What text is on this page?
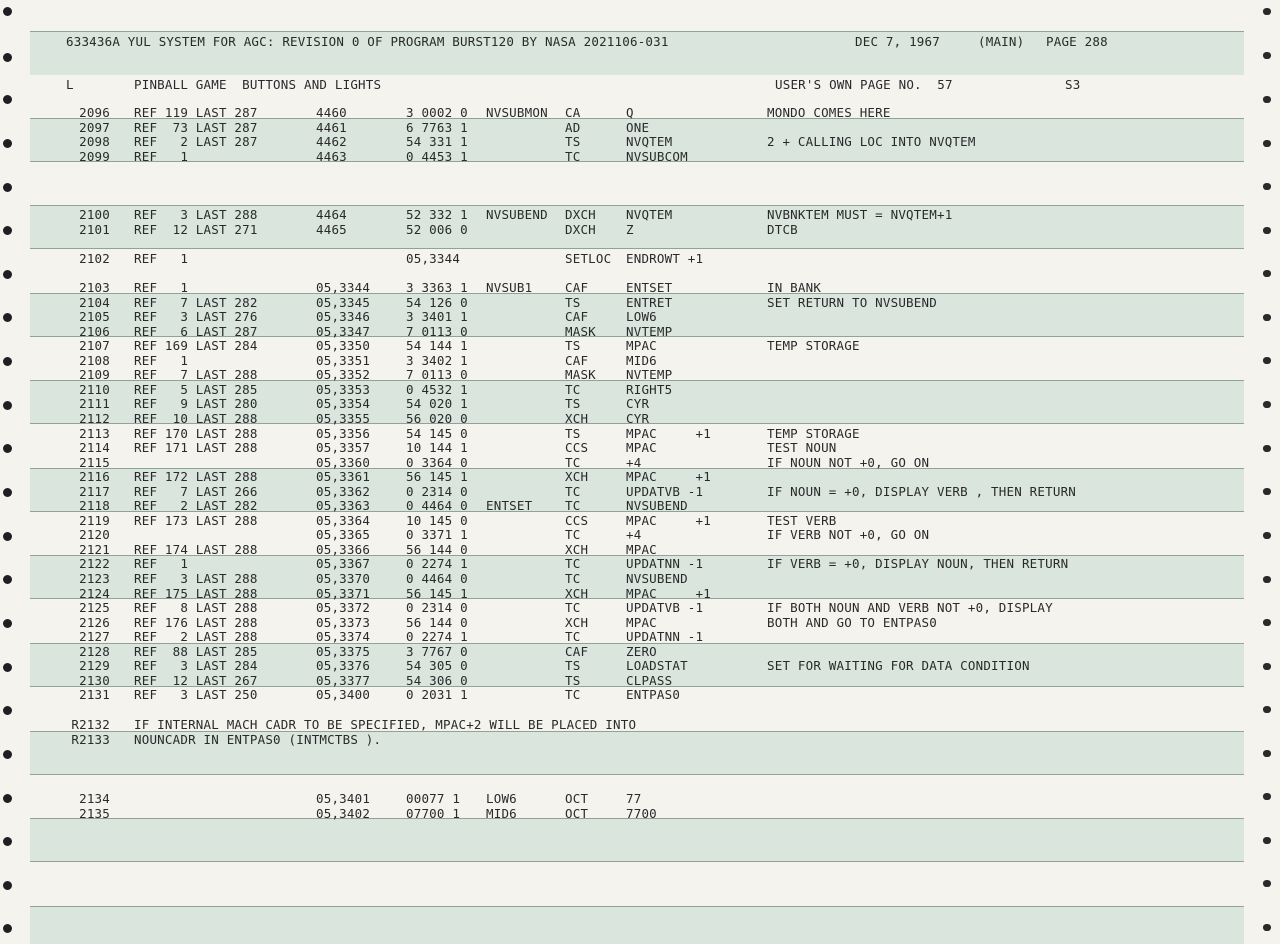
633436A YUL SYSTEM FOR AGC: REVISION 0 OF PROGRAM BURST120 BY NASA 2021106-031

	DEC 7, 1967

	(MAIN)

PAGE 288

L

	PINBALL GAME  BUTTONS AND LIGHTS

	USER'S OWN PAGE NO.  57

	S3

2096 REF 119 LAST 287	4460	3 0002 0 NVSUBMON CA	Q	MONDO COMES HERE
2097 REF  73 LAST 287	4461	6 7763 1	AD	ONE
2098 REF   2 LAST 287	4462	54 331 1	TS	NVQTEM	2 + CALLING LOC INTO NVQTEM
2099 REF   1	4463	0 4453 1	TC	NVSUBCOM
2100 REF   3 LAST 288	4464	52 332 1 NVSUBEND DXCH NVQTEM	NVBNKTEM MUST = NVQTEM+1
2101 REF  12 LAST 271	4465	52 006 0	DXCH Z	DTCB
2102 REF   1	05,3344	SETLOC ENDROWT +1
2103 REF   1	05,3344	3 3363 1 NVSUB1	CAF	ENTSET	IN BANK
2104 REF   7 LAST 282	05,3345	54 126 0	TS	ENTRET	SET RETURN TO NVSUBEND
2105 REF   3 LAST 276	05,3346	3 3401 1	CAF	LOW6
2106 REF   6 LAST 287	05,3347	7 0113 0	MASK NVTEMP
2107 REF 169 LAST 284	05,3350	54 144 1	TS	MPAC	TEMP STORAGE
2108 REF   1	05,3351	3 3402 1	CAF	MID6
2109 REF   7 LAST 288	05,3352	7 0113 0	MASK NVTEMP
2110 REF   5 LAST 285	05,3353	0 4532 1	TC	RIGHT5
2111 REF   9 LAST 280	05,3354	54 020 1	TS	CYR
2112 REF  10 LAST 288	05,3355	56 020 0	XCH	CYR
2113 REF 170 LAST 288	05,3356	54 145 0	TS	MPAC     +1	TEMP STORAGE
2114 REF 171 LAST 288	05,3357	10 144 1	CCS	MPAC	TEST NOUN
2115	05,3360	0 3364 0	TC	+4	IF NOUN NOT +0, GO ON
2116 REF 172 LAST 288	05,3361	56 145 1	XCH	MPAC     +1
2117 REF   7 LAST 266	05,3362	0 2314 0	TC	UPDATVB -1	IF NOUN = +0, DISPLAY VERB , THEN RETURN
2118 REF   2 LAST 282	05,3363	0 4464 0 ENTSET	TC	NVSUBEND
2119 REF 173 LAST 288	05,3364	10 145 0	CCS	MPAC     +1	TEST VERB
2120	05,3365	0 3371 1	TC	+4	IF VERB NOT +0, GO ON
2121 REF 174 LAST 288	05,3366	56 144 0	XCH	MPAC
2122 REF   1	05,3367	0 2274 1	TC	UPDATNN -1	IF VERB = +0, DISPLAY NOUN, THEN RETURN
2123 REF   3 LAST 288	05,3370	0 4464 0	TC	NVSUBEND
2124 REF 175 LAST 288	05,3371	56 145 1	XCH	MPAC     +1
2125 REF   8 LAST 288	05,3372	0 2314 0	TC	UPDATVB -1	IF BOTH NOUN AND VERB NOT +0, DISPLAY
2126 REF 176 LAST 288	05,3373	56 144 0	XCH	MPAC	BOTH AND GO TO ENTPAS0
2127 REF   2 LAST 288	05,3374	0 2274 1	TC	UPDATNN -1
2128 REF  88 LAST 285	05,3375	3 7767 0	CAF	ZERO
2129 REF   3 LAST 284	05,3376	54 305 0	TS	LOADSTAT	SET FOR WAITING FOR DATA CONDITION
2130 REF  12 LAST 267	05,3377	54 306 0	TS	CLPASS
2131 REF   3 LAST 250	05,3400	0 2031 1	TC	ENTPAS0
R2132 IF INTERNAL MACH CADR TO BE SPECIFIED, MPAC+2 WILL BE PLACED INTO
R2133 NOUNCADR IN ENTPAS0 (INTMCTBS ).
2134	05,3401	00077 1 LOW6	OCT	77
2135	05,3402	07700 1 MID6	OCT	7700
